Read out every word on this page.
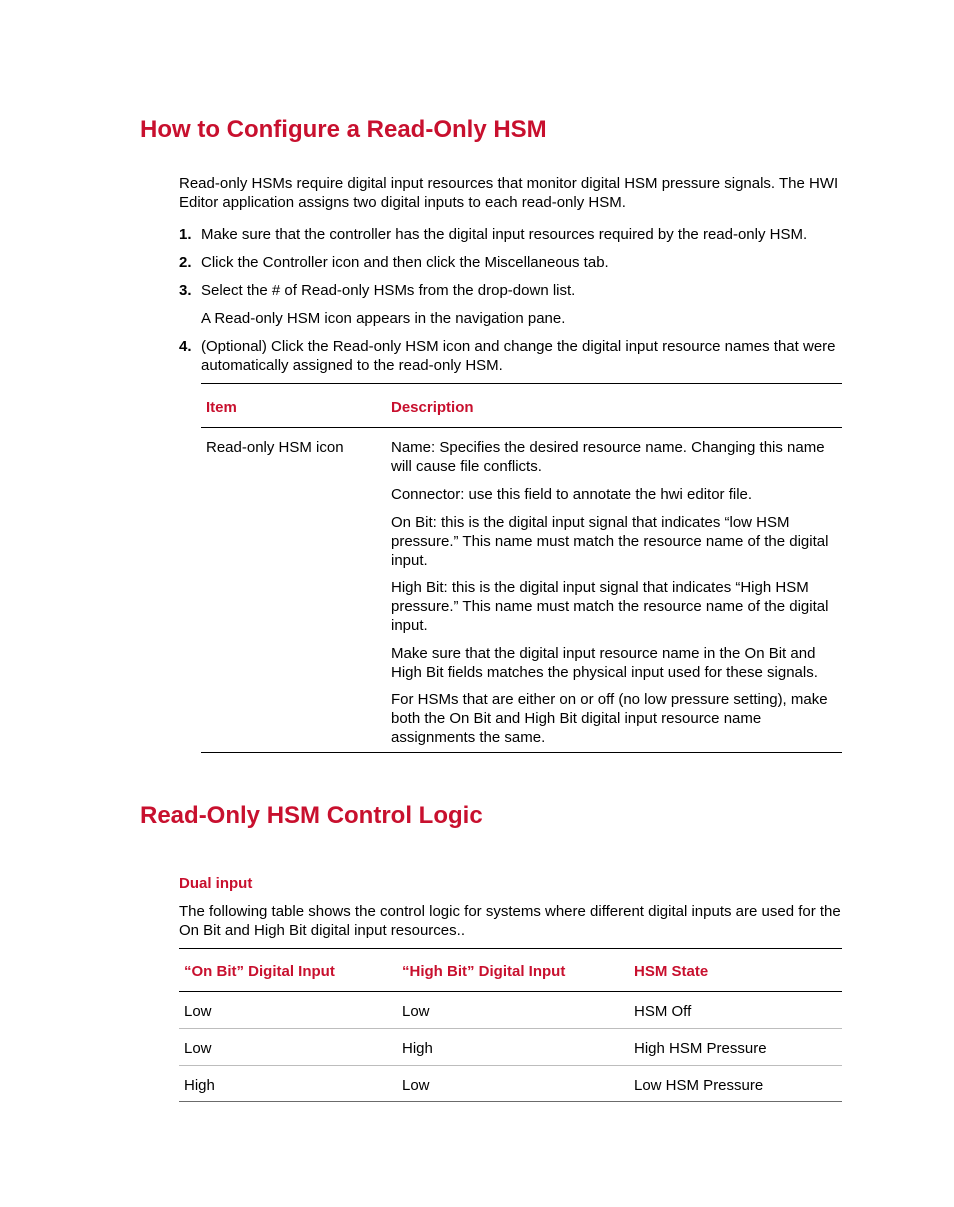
How to Configure a Read-Only HSM

Read-only HSMs require digital input resources that monitor digital HSM pressure signals. The HWI Editor application assigns two digital inputs to each read-only HSM.

1. Make sure that the controller has the digital input resources required by the read-only HSM.
2. Click the Controller icon and then click the Miscellaneous tab.
3. Select the # of Read-only HSMs from the drop-down list.
A Read-only HSM icon appears in the navigation pane.
4. (Optional) Click the Read-only HSM icon and change the digital input resource names that were automatically assigned to the read-only HSM.
Item	Description
Read-only HSM icon	Name: Specifies the desired resource name. Changing this name will cause file conflicts.
Connector: use this field to annotate the hwi editor file.
On Bit: this is the digital input signal that indicates “low HSM pressure.” This name must match the resource name of the digital input.
High Bit: this is the digital input signal that indicates “High HSM pressure.” This name must match the resource name of the digital input.
Make sure that the digital input resource name in the On Bit and High Bit fields matches the physical input used for these signals.
For HSMs that are either on or off (no low pressure setting), make both the On Bit and High Bit digital input resource name assignments the same.
Read-Only HSM Control Logic
Dual input

The following table shows the control logic for systems where different digital inputs are used for the On Bit and High Bit digital input resources..

“On Bit” Digital Input	“High Bit” Digital Input	HSM State
Low	Low	HSM Off
Low	High	High HSM Pressure
High	Low	Low HSM Pressure
